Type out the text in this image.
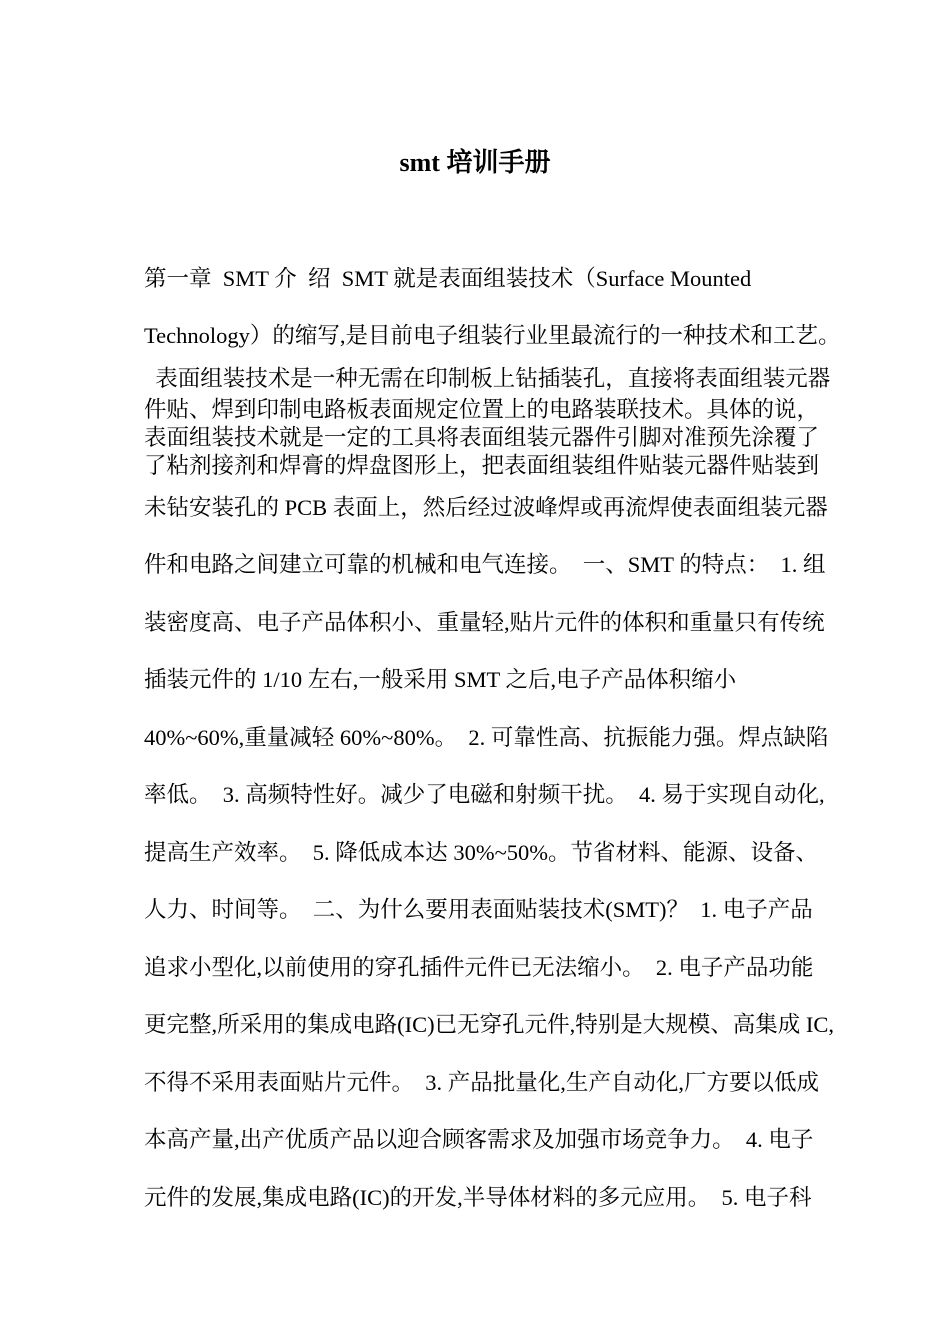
smt 培训手册
第一章  SMT 介  绍  SMT 就是表面组装技术（Surface Mounted
Technology）的缩写,是目前电子组装行业里最流行的一种技术和工艺。
表面组装技术是一种无需在印制板上钻插装孔，直接将表面组装元器
件贴、焊到印制电路板表面规定位置上的电路装联技术。具体的说，
表面组装技术就是一定的工具将表面组装元器件引脚对准预先涂覆了
了粘剂接剂和焊膏的焊盘图形上，把表面组装组件贴装元器件贴装到
未钻安装孔的 PCB 表面上，然后经过波峰焊或再流焊使表面组装元器
件和电路之间建立可靠的机械和电气连接。  一、SMT 的特点：  1. 组
装密度高、电子产品体积小、重量轻,贴片元件的体积和重量只有传统
插装元件的 1/10 左右,一般采用 SMT 之后,电子产品体积缩小
40%~60%,重量减轻 60%~80%。  2. 可靠性高、抗振能力强。焊点缺陷
率低。  3. 高频特性好。减少了电磁和射频干扰。  4. 易于实现自动化,
提高生产效率。  5. 降低成本达 30%~50%。节省材料、能源、设备、
人力、时间等。  二、为什么要用表面贴装技术(SMT)？  1. 电子产品
追求小型化,以前使用的穿孔插件元件已无法缩小。  2. 电子产品功能
更完整,所采用的集成电路(IC)已无穿孔元件,特别是大规模、高集成 IC,
不得不采用表面贴片元件。  3. 产品批量化,生产自动化,厂方要以低成
本高产量,出产优质产品以迎合顾客需求及加强市场竞争力。  4. 电子
元件的发展,集成电路(IC)的开发,半导体材料的多元应用。  5. 电子科
